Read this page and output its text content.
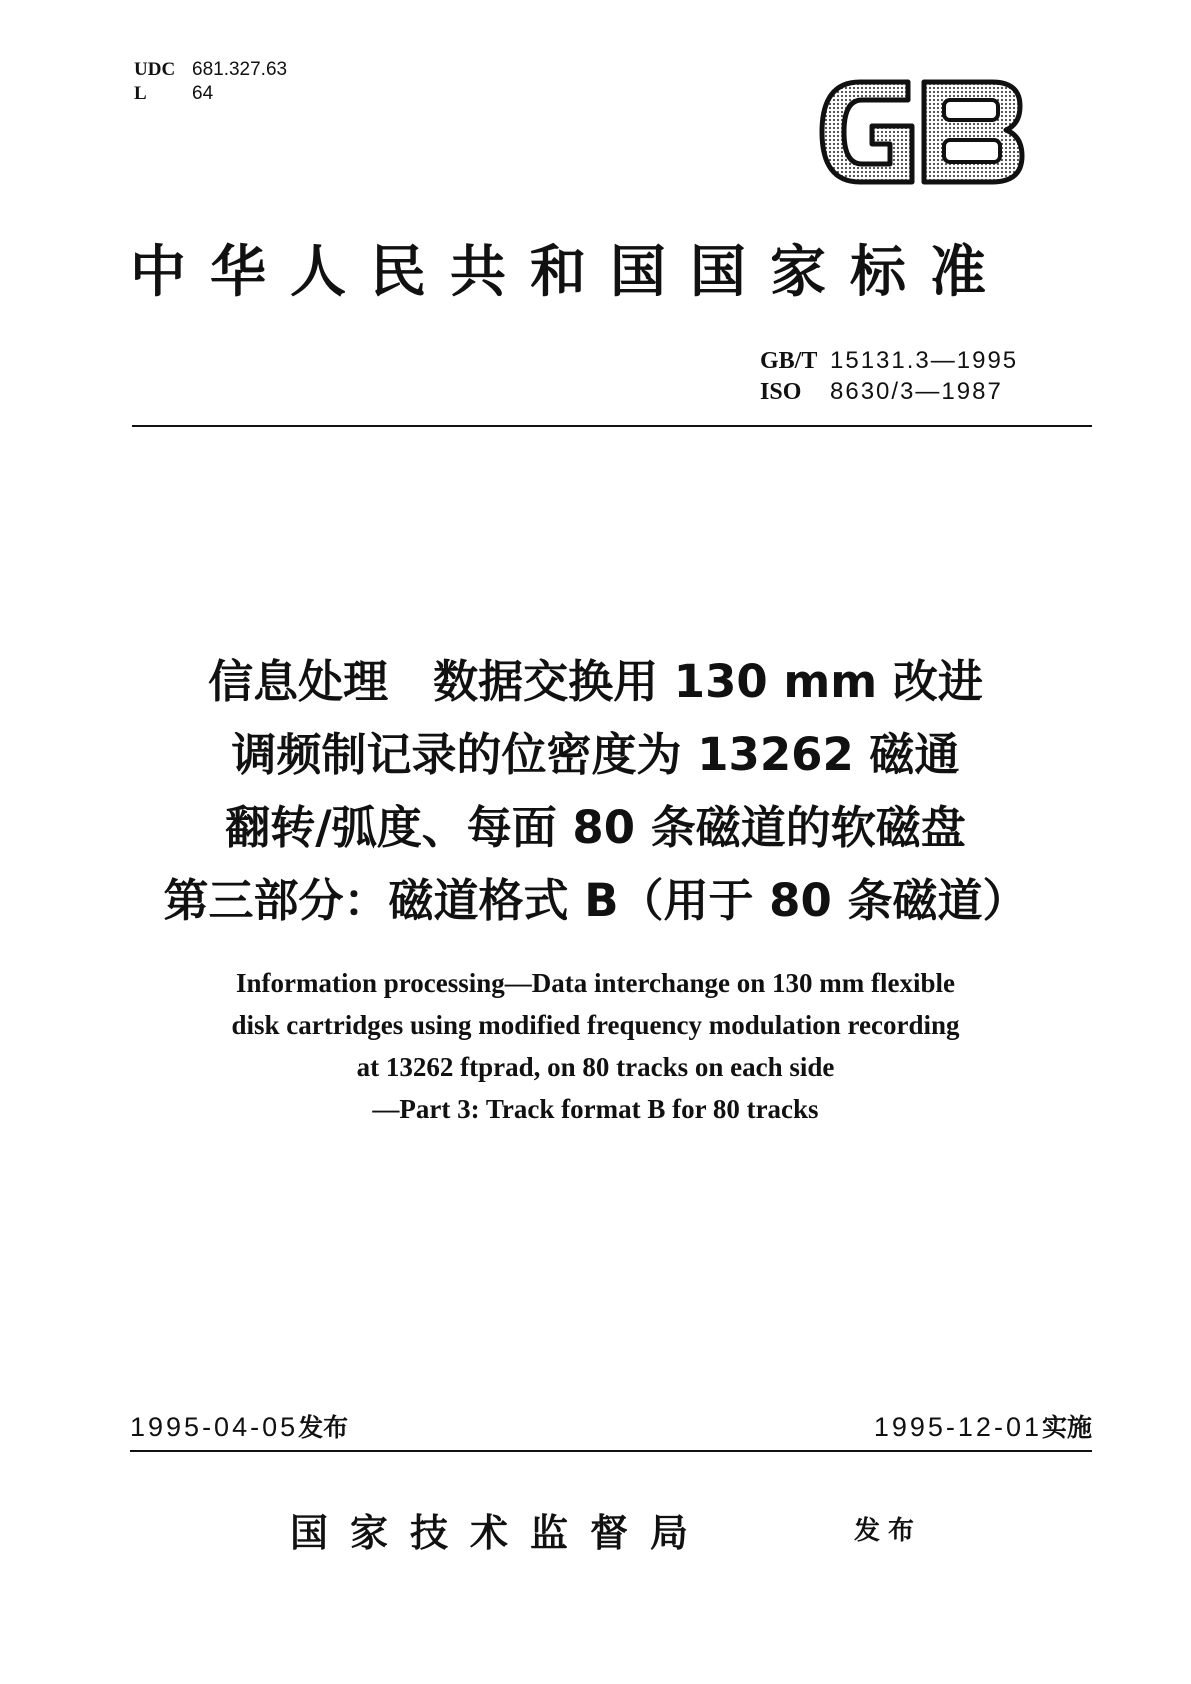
UDC 681.327.63
L 64
中华人民共和国国家标准
GB/T 15131.3—1995
ISO 8630/3—1987
信息处理　数据交换用 130 mm 改进
调频制记录的位密度为 13262 磁通
翻转/弧度、每面 80 条磁道的软磁盘
第三部分：磁道格式 B（用于 80 条磁道）
Information processing—Data interchange on 130 mm flexible
disk cartridges using modified frequency modulation recording
at 13262 ftprad, on 80 tracks on each side
—Part 3: Track format B for 80 tracks
1995-04-05发布	1995-12-01实施
国家技术监督局	发布
